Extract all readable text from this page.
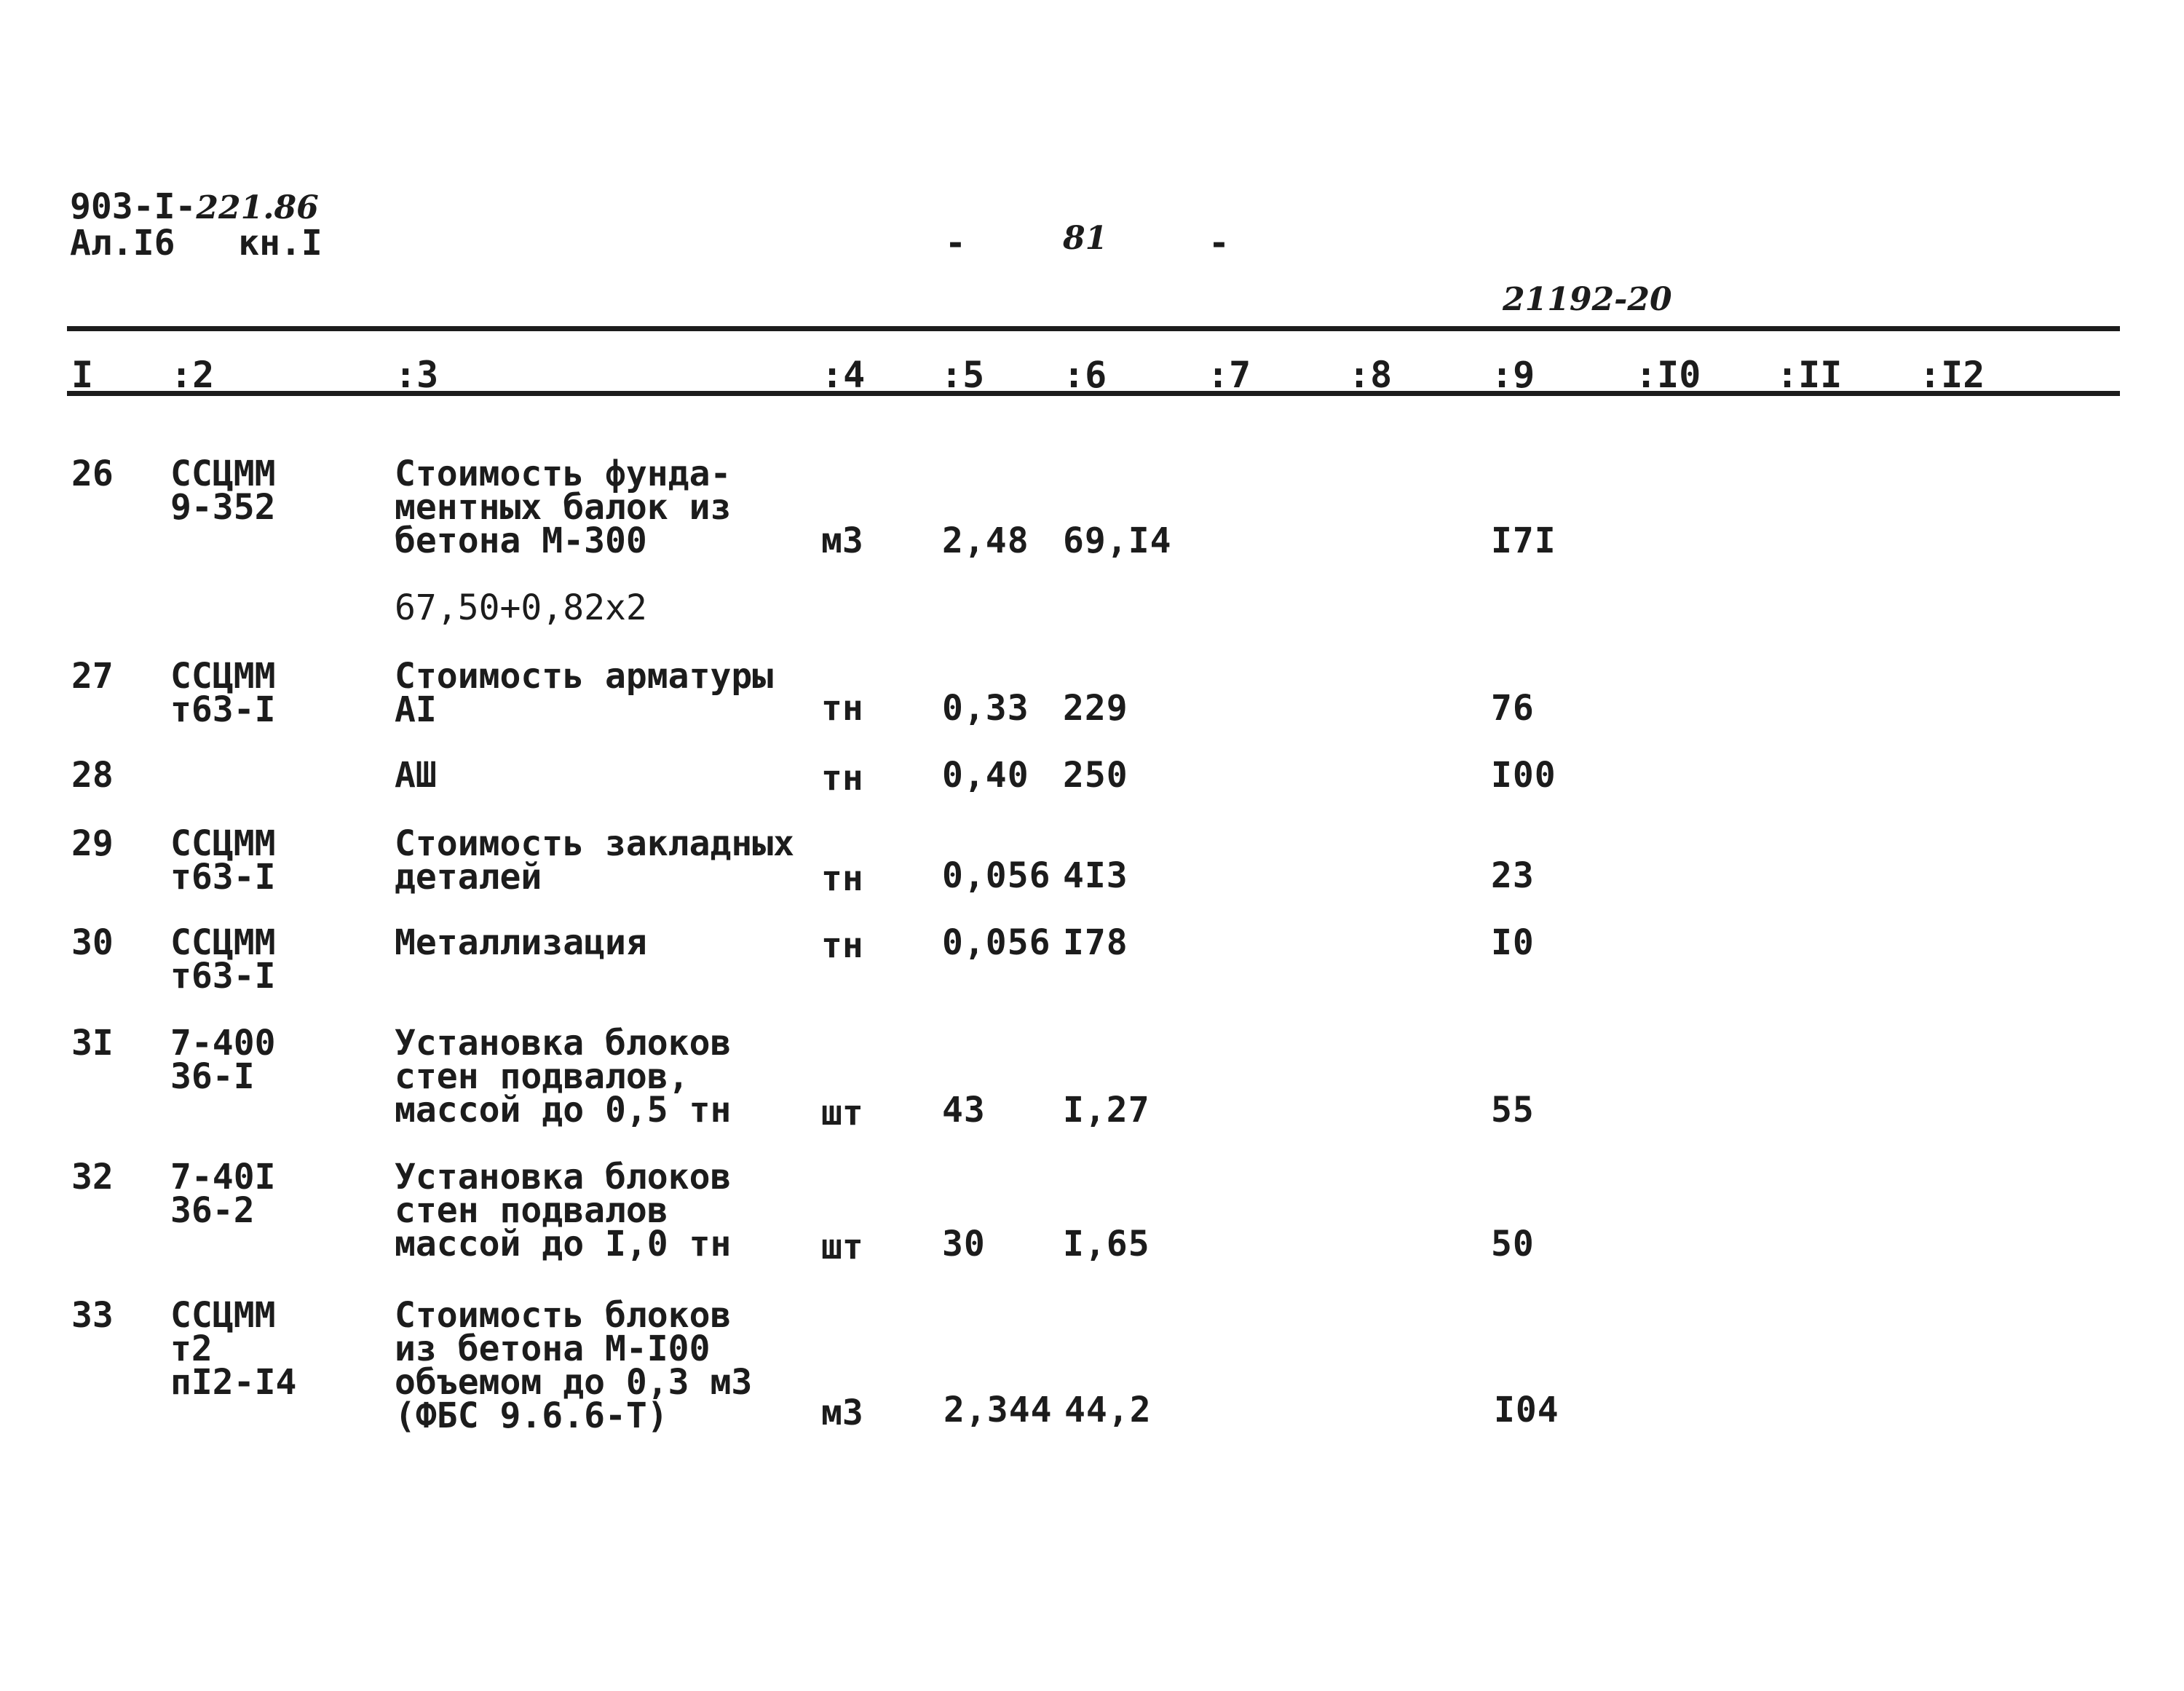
903-I-221.86
Ал.I6   кн.I	-	81	-
21192-20
I :2	:3	:4 :5 :6	:7	:8	:9	:I0 :II :I2
26 ССЦММ
9-352
Стоимость фунда-
ментных балок из
бетона М-300	м3 2,48 69,I4	I7I
67,50+0,82х2
27 ССЦММ
т63-I
Стоимость арматуры
АI	тн 0,33 229	76
28	АШ	тн 0,40 250	I00
29 ССЦММ
т63-I
Стоимость закладных
деталей	тн 0,056 4I3	23
30 ССЦММ
т63-I
Металлизация	тн 0,056 I78	I0
3I 7-400
36-I
Установка блоков
стен подвалов,
массой до 0,5 тн	шт 43 I,27	55
32 7-40I
36-2
Установка блоков
стен подвалов
массой до I,0 тн	шт 30 I,65	50
33 ССЦММ
т2
пI2-I4
Стоимость блоков
из бетона М-I00
объемом до 0,3 м3
(ФБС 9.6.6-Т)	м3 2,344 44,2	I04
